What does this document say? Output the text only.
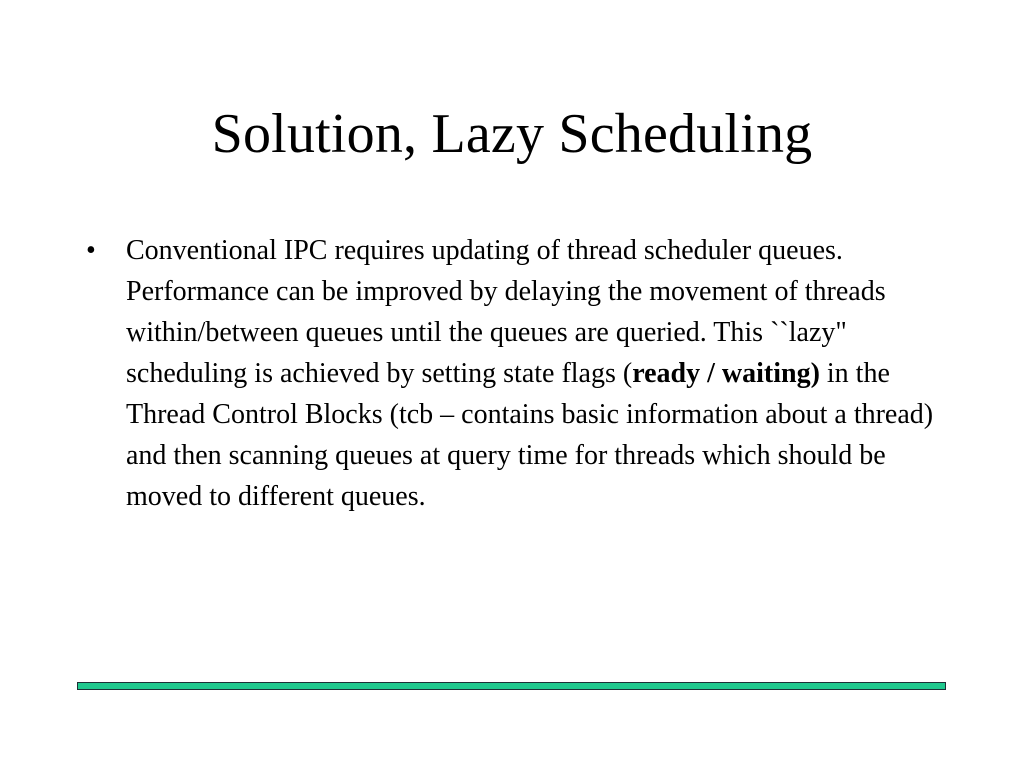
Solution, Lazy Scheduling
•	Conventional IPC requires updating of thread scheduler queues. Performance can be improved by delaying the movement of threads within/between queues until the queues are queried. This ``lazy" scheduling is achieved by setting state flags (ready / waiting) in the Thread Control Blocks (tcb – contains basic information about a thread) and then scanning queues at query time for threads which should be moved to different queues.
